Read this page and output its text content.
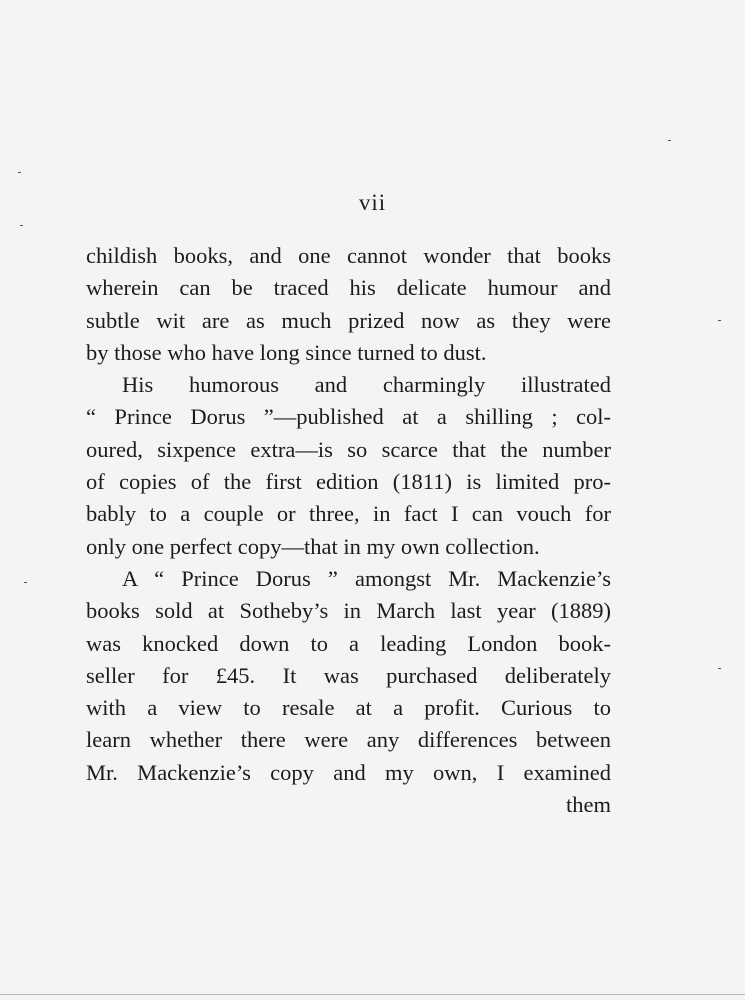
vii
childish books, and one cannot wonder that books
wherein can be traced his delicate humour and
subtle wit are as much prized now as they were
by those who have long since turned to dust.
His humorous and charmingly illustrated
“ Prince Dorus ”—published at a shilling ; col-
oured, sixpence extra—is so scarce that the number
of copies of the first edition (1811) is limited pro-
bably to a couple or three, in fact I can vouch for
only one perfect copy—that in my own collection.
A “ Prince Dorus ” amongst Mr. Mackenzie’s
books sold at Sotheby’s in March last year (1889)
was knocked down to a leading London book-
seller for £45. It was purchased deliberately
with a view to resale at a profit. Curious to
learn whether there were any differences between
Mr. Mackenzie’s copy and my own, I examined
them
